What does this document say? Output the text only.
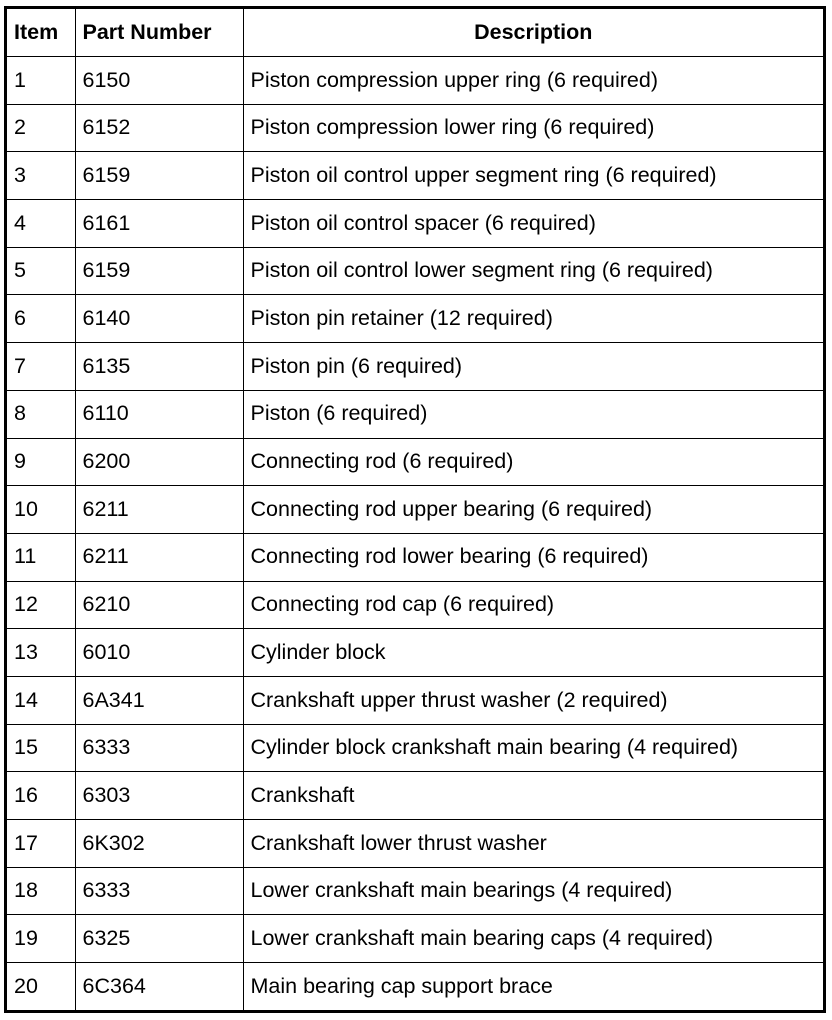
Item	Part Number	Description
1	6150	Piston compression upper ring (6 required)
2	6152	Piston compression lower ring (6 required)
3	6159	Piston oil control upper segment ring (6 required)
4	6161	Piston oil control spacer (6 required)
5	6159	Piston oil control lower segment ring (6 required)
6	6140	Piston pin retainer (12 required)
7	6135	Piston pin (6 required)
8	6110	Piston (6 required)
9	6200	Connecting rod (6 required)
10	6211	Connecting rod upper bearing (6 required)
11	6211	Connecting rod lower bearing (6 required)
12	6210	Connecting rod cap (6 required)
13	6010	Cylinder block
14	6A341	Crankshaft upper thrust washer (2 required)
15	6333	Cylinder block crankshaft main bearing (4 required)
16	6303	Crankshaft
17	6K302	Crankshaft lower thrust washer
18	6333	Lower crankshaft main bearings (4 required)
19	6325	Lower crankshaft main bearing caps (4 required)
20	6C364	Main bearing cap support brace
